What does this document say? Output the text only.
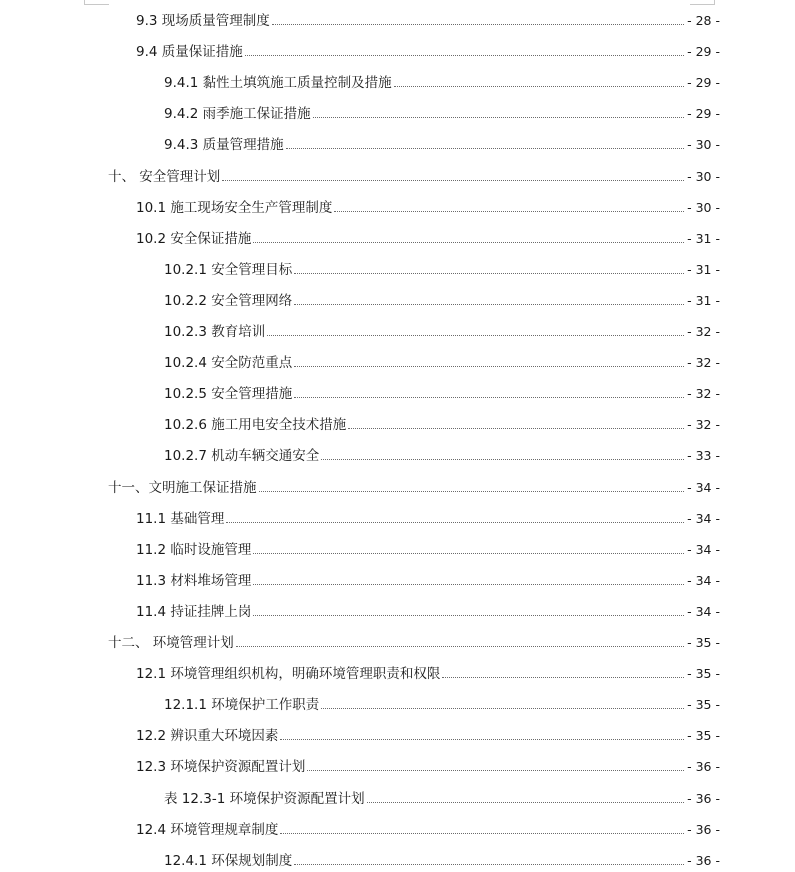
9.3 现场质量管理制度	- 28 -
9.4 质量保证措施	- 29 -
9.4.1 黏性土填筑施工质量控制及措施	- 29 -
9.4.2 雨季施工保证措施	- 29 -
9.4.3 质量管理措施	- 30 -
十、 安全管理计划	- 30 -
10.1 施工现场安全生产管理制度	- 30 -
10.2 安全保证措施	- 31 -
10.2.1 安全管理目标	- 31 -
10.2.2 安全管理网络	- 31 -
10.2.3 教育培训	- 32 -
10.2.4 安全防范重点	- 32 -
10.2.5 安全管理措施	- 32 -
10.2.6 施工用电安全技术措施	- 32 -
10.2.7 机动车辆交通安全	- 33 -
十一、文明施工保证措施	- 34 -
11.1 基础管理	- 34 -
11.2 临时设施管理	- 34 -
11.3 材料堆场管理	- 34 -
11.4 持证挂牌上岗	- 34 -
十二、 环境管理计划	- 35 -
12.1 环境管理组织机构，明确环境管理职责和权限	- 35 -
12.1.1 环境保护工作职责	- 35 -
12.2 辨识重大环境因素	- 35 -
12.3 环境保护资源配置计划	- 36 -
表 12.3-1 环境保护资源配置计划	- 36 -
12.4 环境管理规章制度	- 36 -
12.4.1 环保规划制度	- 36 -
